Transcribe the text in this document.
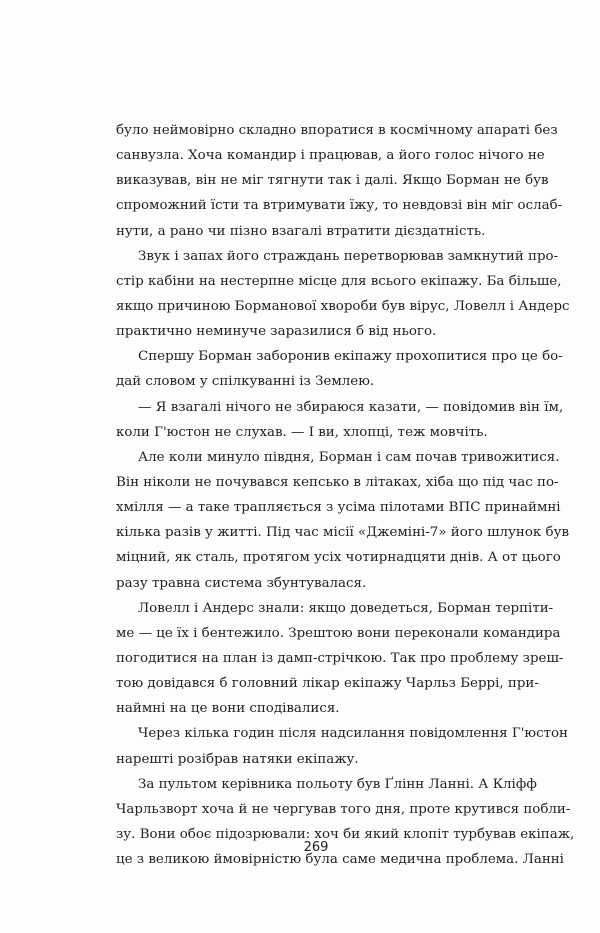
було неймовірно складно впоратися в космічному апараті без
санвузла. Хоча командир і працював, а його голос нічого не
виказував, він не міг тягнути так і далі. Якщо Борман не був
спроможний їсти та втримувати їжу, то невдовзі він міг ослаб-
нути, а рано чи пізно взагалі втратити дієздатність.
Звук і запах його страждань перетворював замкнутий про-
стір кабіни на нестерпне місце для всього екіпажу. Ба більше,
якщо причиною Борманової хвороби був вірус, Ловелл і Андерс
практично неминуче заразилися б від нього.
Спершу Борман заборонив екіпажу прохопитися про це бо-
дай словом у спілкуванні із Землею.
— Я взагалі нічого не збираюся казати, — повідомив він їм,
коли Г'юстон не слухав. — І ви, хлопці, теж мовчіть.
Але коли минуло півдня, Борман і сам почав тривожитися.
Він ніколи не почувався кепсько в літаках, хіба що під час по-
хмілля — а таке трапляється з усіма пілотами ВПС принаймні
кілька разів у житті. Під час місії «Джеміні-7» його шлунок був
міцний, як сталь, протягом усіх чотирнадцяти днів. А от цього
разу травна система збунтувалася.
Ловелл і Андерс знали: якщо доведеться, Борман терпіти-
ме — це їх і бентежило. Зрештою вони переконали командира
погодитися на план із дамп-стрічкою. Так про проблему зреш-
тою довідався б головний лікар екіпажу Чарльз Беррі, при-
наймні на це вони сподівалися.
Через кілька годин після надсилання повідомлення Г'юстон
нарешті розібрав натяки екіпажу.
За пультом керівника польоту був Ґлінн Ланні. А Кліфф
Чарльзворт хоча й не чергував того дня, проте крутився побли-
зу. Вони обоє підозрювали: хоч би який клопіт турбував екіпаж,
це з великою ймовірністю була саме медична проблема. Ланні
269
